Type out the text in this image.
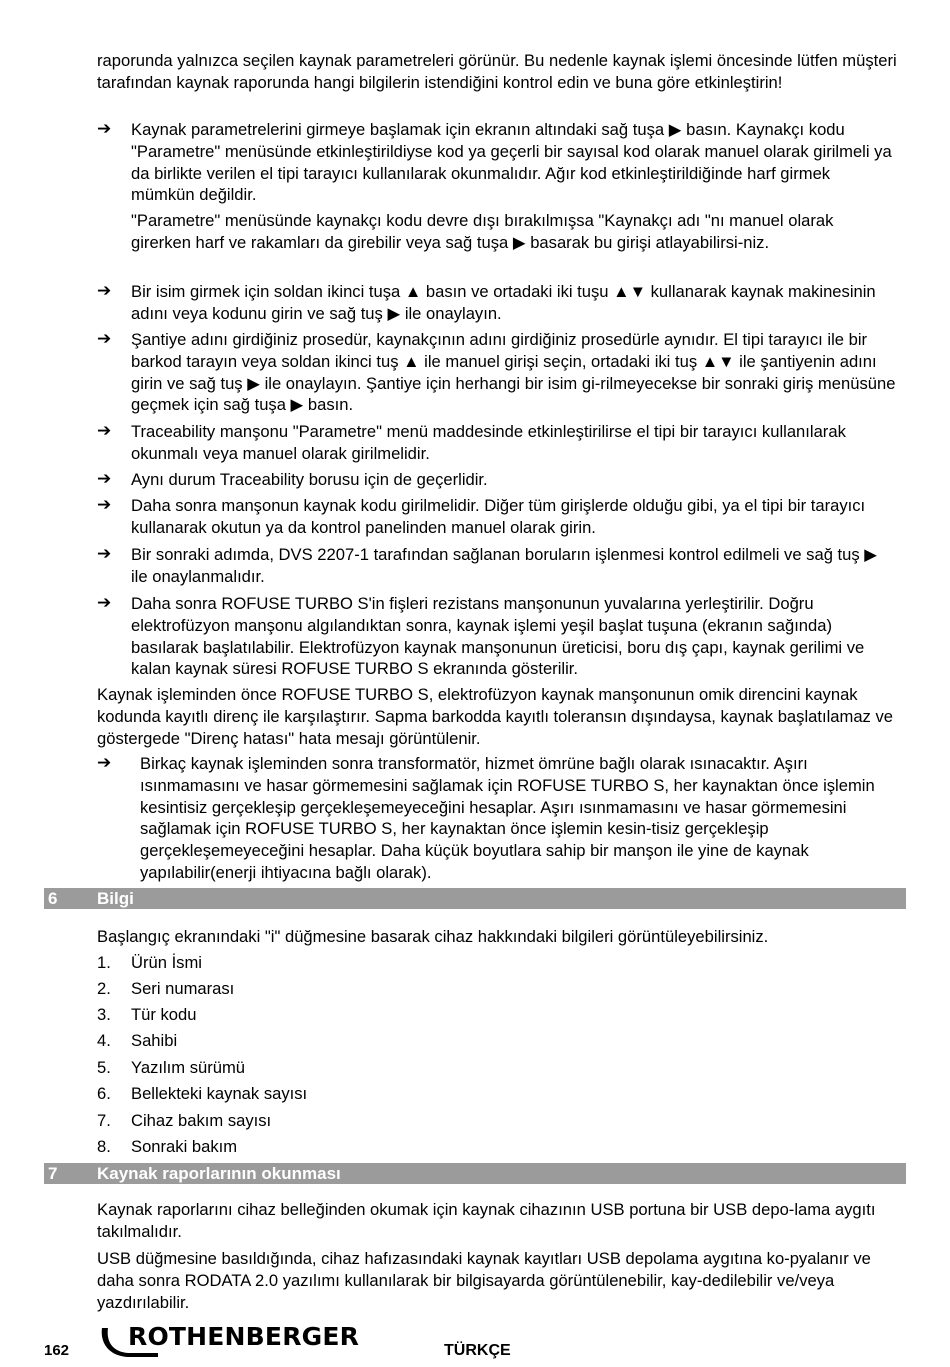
raporunda yalnızca seçilen kaynak parametreleri görünür. Bu nedenle kaynak işlemi öncesinde lütfen müşteri tarafından kaynak raporunda hangi bilgilerin istendiğini kontrol edin ve buna göre etkinleştirin!

➔	Kaynak parametrelerini girmeye başlamak için ekranın altındaki sağ tuşa ▶ basın. Kaynakçı kodu "Parametre" menüsünde etkinleştirildiyse kod ya geçerli bir sayısal kod olarak manuel olarak girilmeli ya da birlikte verilen el tipi tarayıcı kullanılarak okunmalıdır. Ağır kod etkinleştirildiğinde harf girmek mümkün değildir.
"Parametre" menüsünde kaynakçı kodu devre dışı bırakılmışsa "Kaynakçı adı "nı manuel olarak girerken harf ve rakamları da girebilir veya sağ tuşa ▶ basarak bu girişi atlayabilirsi-niz.
➔	Bir isim girmek için soldan ikinci tuşa ▲ basın ve ortadaki iki tuşu ▲▼ kullanarak kaynak makinesinin adını veya kodunu girin ve sağ tuş ▶ ile onaylayın.
➔	Şantiye adını girdiğiniz prosedür, kaynakçının adını girdiğiniz prosedürle aynıdır. El tipi tarayıcı ile bir barkod tarayın veya soldan ikinci tuş ▲ ile manuel girişi seçin, ortadaki iki tuş ▲▼ ile şantiyenin adını girin ve sağ tuş ▶ ile onaylayın. Şantiye için herhangi bir isim gi-rilmeyecekse bir sonraki giriş menüsüne geçmek için sağ tuşa ▶ basın.
➔	Traceability manşonu "Parametre" menü maddesinde etkinleştirilirse el tipi bir tarayıcı kullanılarak okunmalı veya manuel olarak girilmelidir.
➔	Aynı durum Traceability borusu için de geçerlidir.
➔	Daha sonra manşonun kaynak kodu girilmelidir. Diğer tüm girişlerde olduğu gibi, ya el tipi bir tarayıcı kullanarak okutun ya da kontrol panelinden manuel olarak girin.
➔	Bir sonraki adımda, DVS 2207-1 tarafından sağlanan boruların işlenmesi kontrol edilmeli ve sağ tuş ▶ ile onaylanmalıdır.
➔	Daha sonra ROFUSE TURBO S'in fişleri rezistans manşonunun yuvalarına yerleştirilir. Doğru elektrofüzyon manşonu algılandıktan sonra, kaynak işlemi yeşil başlat tuşuna (ekranın sağında) basılarak başlatılabilir. Elektrofüzyon kaynak manşonunun üreticisi, boru dış çapı, kaynak gerilimi ve kalan kaynak süresi ROFUSE TURBO S ekranında gösterilir.

Kaynak işleminden önce ROFUSE TURBO S, elektrofüzyon kaynak manşonunun omik direncini kaynak kodunda kayıtlı direnç ile karşılaştırır. Sapma barkodda kayıtlı toleransın dışındaysa, kaynak başlatılamaz ve göstergede "Direnç hatası" hata mesajı görüntülenir.

➔	Birkaç kaynak işleminden sonra transformatör, hizmet ömrüne bağlı olarak ısınacaktır. Aşırı ısınmamasını ve hasar görmemesini sağlamak için ROFUSE TURBO S, her kaynaktan önce işlemin kesintisiz gerçekleşip gerçekleşemeyeceğini hesaplar. Aşırı ısınmamasını ve hasar görmemesini sağlamak için ROFUSE TURBO S, her kaynaktan önce işlemin kesin-tisiz gerçekleşip gerçekleşemeyeceğini hesaplar. Daha küçük boyutlara sahip bir manşon ile yine de kaynak yapılabilir(enerji ihtiyacına bağlı olarak).
6 Bilgi

Başlangıç ekranındaki "i" düğmesine basarak cihaz hakkındaki bilgileri görüntüleyebilirsiniz.

1. Ürün İsmi
2. Seri numarası
3. Tür kodu
4. Sahibi
5. Yazılım sürümü
6. Bellekteki kaynak sayısı
7. Cihaz bakım sayısı
8. Sonraki bakım
7 Kaynak raporlarının okunması

Kaynak raporlarını cihaz belleğinden okumak için kaynak cihazının USB portuna bir USB depo-lama aygıtı takılmalıdır.

USB düğmesine basıldığında, cihaz hafızasındaki kaynak kayıtları USB depolama aygıtına ko-pyalanır ve daha sonra RODATA 2.0 yazılımı kullanılarak bir bilgisayarda görüntülenebilir, kay-dedilebilir ve/veya yazdırılabilir.

162 ROTHENBERGER	TÜRKÇE
